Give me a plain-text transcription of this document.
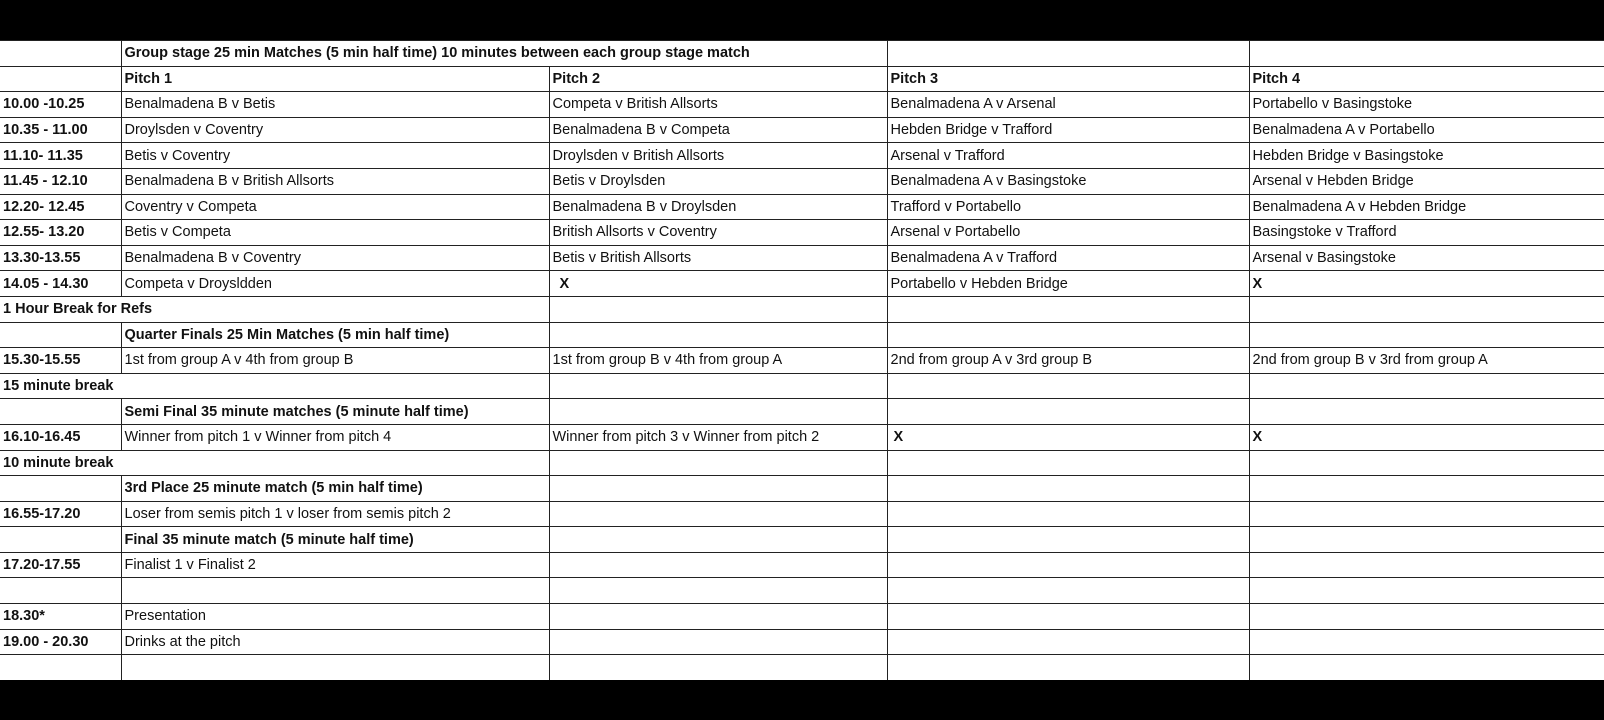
	Group stage 25 min Matches (5 min half time) 10 minutes between each group stage match			
	Pitch 1	Pitch 2	Pitch 3	Pitch 4
10.00 -10.25	Benalmadena B v Betis	Competa v British Allsorts	Benalmadena A v Arsenal	Portabello v Basingstoke
10.35 - 11.00	Droylsden v Coventry	Benalmadena B v Competa	Hebden Bridge v Trafford	Benalmadena A v Portabello
11.10- 11.35	Betis v Coventry	Droylsden v British Allsorts	Arsenal v Trafford	Hebden Bridge v Basingstoke
11.45 - 12.10	Benalmadena B v British Allsorts	Betis v Droylsden	Benalmadena A v Basingstoke	Arsenal v Hebden Bridge
12.20- 12.45	Coventry v Competa	Benalmadena B v Droylsden	Trafford v Portabello	Benalmadena A v Hebden Bridge
12.55- 13.20	Betis v Competa	British Allsorts v Coventry	Arsenal v Portabello	Basingstoke v Trafford
13.30-13.55	Benalmadena B v Coventry	Betis v British Allsorts	Benalmadena A v Trafford	Arsenal v Basingstoke
14.05 - 14.30	Competa v Droysldden	X	Portabello v Hebden Bridge	X
1 Hour Break for Refs				
	Quarter Finals 25 Min Matches (5 min half time)			
15.30-15.55	1st from group A v 4th from group B	1st from group B v 4th from group A	2nd from group A v 3rd group B	2nd from group B v 3rd from group A
15 minute break				
	Semi Final 35 minute matches (5 minute half time)			
16.10-16.45	Winner from pitch 1 v Winner from pitch 4	Winner from pitch 3 v Winner from pitch 2	X	X
10 minute break				
	3rd Place 25 minute match (5 min half time)			
16.55-17.20	Loser from semis pitch 1 v loser from semis pitch 2			
	Final 35 minute match (5 minute half time)			
17.20-17.55	Finalist 1 v Finalist 2			

18.30*	Presentation			
19.00 - 20.30	Drinks at the pitch			
